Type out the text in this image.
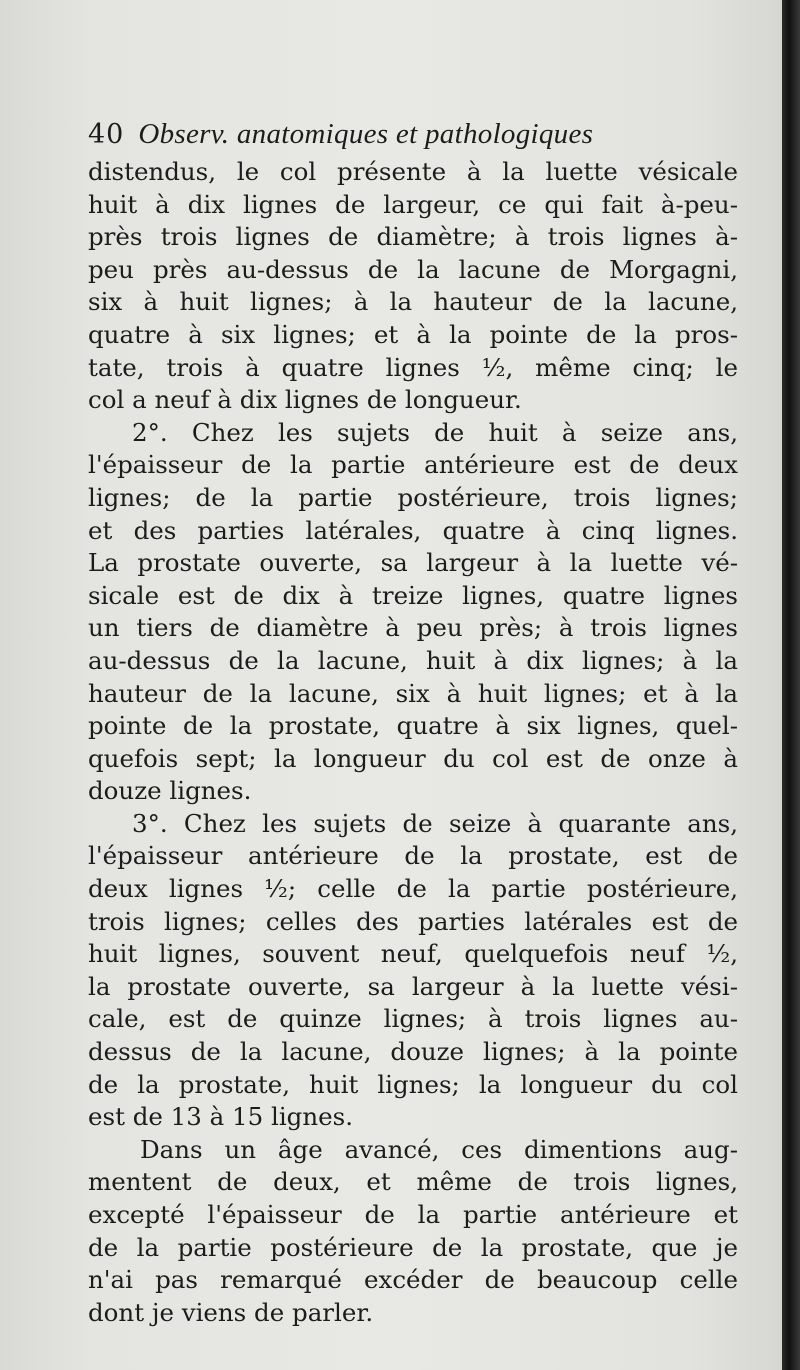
40 Observ. anatomiques et pathologiques
distendus, le col présente à la luette vésicale
huit à dix lignes de largeur, ce qui fait à-peu-
près trois lignes de diamètre; à trois lignes à-
peu près au-dessus de la lacune de Morgagni,
six à huit lignes; à la hauteur de la lacune,
quatre à six lignes; et à la pointe de la pros-
tate, trois à quatre lignes ½, même cinq; le
col a neuf à dix lignes de longueur.
2°. Chez les sujets de huit à seize ans,
l'épaisseur de la partie antérieure est de deux
lignes; de la partie postérieure, trois lignes;
et des parties latérales, quatre à cinq lignes.
La prostate ouverte, sa largeur à la luette vé-
sicale est de dix à treize lignes, quatre lignes
un tiers de diamètre à peu près; à trois lignes
au-dessus de la lacune, huit à dix lignes; à la
hauteur de la lacune, six à huit lignes; et à la
pointe de la prostate, quatre à six lignes, quel-
quefois sept; la longueur du col est de onze à
douze lignes.
3°. Chez les sujets de seize à quarante ans,
l'épaisseur antérieure de la prostate, est de
deux lignes ½; celle de la partie postérieure,
trois lignes; celles des parties latérales est de
huit lignes, souvent neuf, quelquefois neuf ½,
la prostate ouverte, sa largeur à la luette vési-
cale, est de quinze lignes; à trois lignes au-
dessus de la lacune, douze lignes; à la pointe
de la prostate, huit lignes; la longueur du col
est de 13 à 15 lignes.
Dans un âge avancé, ces dimentions aug-
mentent de deux, et même de trois lignes,
excepté l'épaisseur de la partie antérieure et
de la partie postérieure de la prostate, que je
n'ai pas remarqué excéder de beaucoup celle
dont je viens de parler.
